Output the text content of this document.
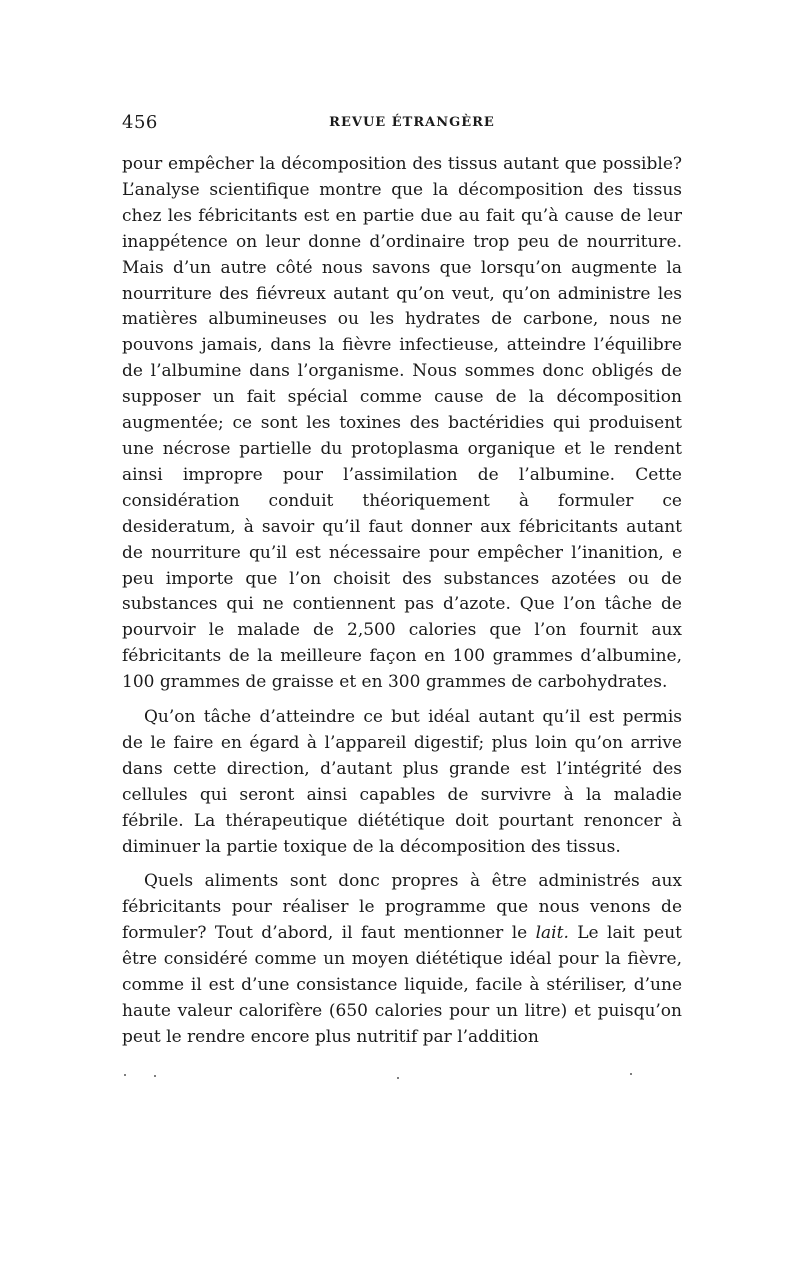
456	REVUE ÉTRANGÈRE

pour empêcher la décomposition des tissus autant que possible? L’analyse scientifique montre que la décomposition des tissus chez les fébricitants est en partie due au fait qu’à cause de leur inappétence on leur donne d’ordinaire trop peu de nourriture. Mais d’un autre côté nous savons que lorsqu’on augmente la nourriture des fiévreux autant qu’on veut, qu’on administre les matières albumineuses ou les hydrates de carbone, nous ne pouvons jamais, dans la fièvre infectieuse, atteindre l’équilibre de l’albumine dans l’organisme. Nous sommes donc obligés de supposer un fait spécial comme cause de la décomposition augmentée; ce sont les toxines des bactéridies qui produisent une nécrose partielle du protoplasma organique et le rendent ainsi impropre pour l’assimilation de l’albumine. Cette considération conduit théoriquement à formuler ce desideratum, à savoir qu’il faut donner aux fébricitants autant de nourriture qu’il est nécessaire pour empêcher l’inanition, e peu importe que l’on choisit des substances azotées ou de substances qui ne contiennent pas d’azote. Que l’on tâche de pourvoir le malade de 2,500 calories que l’on fournit aux fébricitants de la meilleure façon en 100 grammes d’albumine, 100 grammes de graisse et en 300 grammes de carbohydrates.

Qu’on tâche d’atteindre ce but idéal autant qu’il est permis de le faire en égard à l’appareil digestif; plus loin qu’on arrive dans cette direction, d’autant plus grande est l’intégrité des cellules qui seront ainsi capables de survivre à la maladie fébrile. La thérapeutique diététique doit pourtant renoncer à diminuer la partie toxique de la décomposition des tissus.

Quels aliments sont donc propres à être administrés aux fébricitants pour réaliser le programme que nous venons de formuler? Tout d’abord, il faut mentionner le lait. Le lait peut être considéré comme un moyen diététique idéal pour la fièvre, comme il est d’une consistance liquide, facile à stériliser, d’une haute valeur calorifère (650 calories pour un litre) et puisqu’on peut le rendre encore plus nutritif par l’addition
